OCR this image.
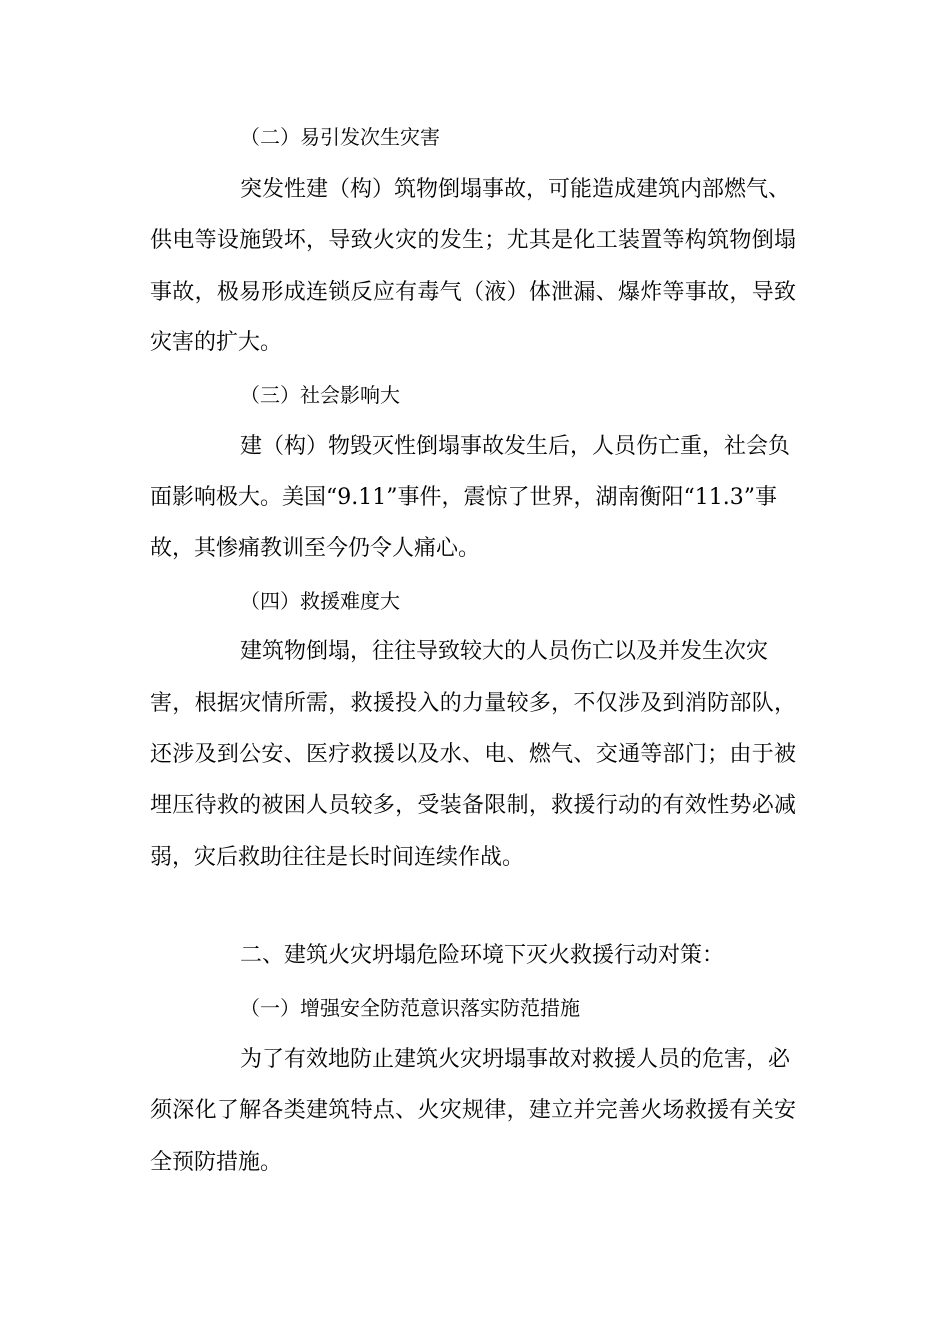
（二）易引发次生灾害

突发性建（构）筑物倒塌事故，可能造成建筑内部燃气、

供电等设施毁坏，导致火灾的发生；尤其是化工装置等构筑物倒塌

事故，极易形成连锁反应有毒气（液）体泄漏、爆炸等事故，导致

灾害的扩大。

（三）社会影响大

建（构）物毁灭性倒塌事故发生后，人员伤亡重，社会负

面影响极大。美国“9.11”事件，震惊了世界，湖南衡阳“11.3”事

故，其惨痛教训至今仍令人痛心。

（四）救援难度大

建筑物倒塌，往往导致较大的人员伤亡以及并发生次灾

害，根据灾情所需，救援投入的力量较多，不仅涉及到消防部队，

还涉及到公安、医疗救援以及水、电、燃气、交通等部门；由于被

埋压待救的被困人员较多，受装备限制，救援行动的有效性势必减

弱，灾后救助往往是长时间连续作战。

二、建筑火灾坍塌危险环境下灭火救援行动对策：

（一）增强安全防范意识落实防范措施

为了有效地防止建筑火灾坍塌事故对救援人员的危害，必

须深化了解各类建筑特点、火灾规律，建立并完善火场救援有关安

全预防措施。
